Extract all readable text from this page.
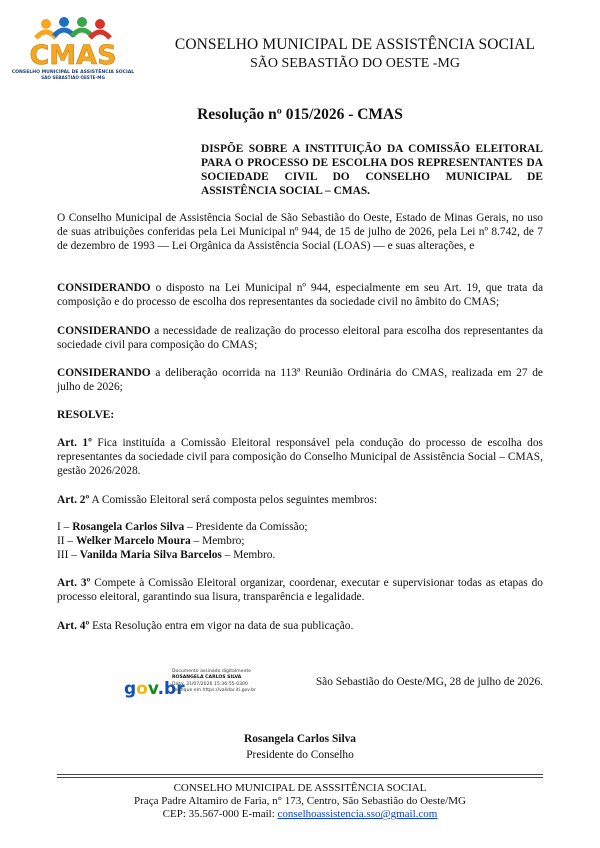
CMAS
CONSELHO MUNICIPAL DE ASSISTÊNCIA SOCIAL
SÃO SEBASTIÃO OESTE-MG
CONSELHO MUNICIPAL DE ASSISTÊNCIA SOCIAL
SÃO SEBASTIÃO DO OESTE -MG
Resolução nº 015/2026 - CMAS
DISPÕE SOBRE A INSTITUIÇÃO DA COMISSÃO ELEITORAL PARA O PROCESSO DE ESCOLHA DOS REPRESENTANTES DA SOCIEDADE CIVIL DO CONSELHO MUNICIPAL DE ASSISTÊNCIA SOCIAL – CMAS.
O Conselho Municipal de Assistência Social de São Sebastião do Oeste, Estado de Minas Gerais, no uso de suas atribuições conferidas pela Lei Municipal nº 944, de 15 de julho de 2026, pela Lei nº 8.742, de 7 de dezembro de 1993 — Lei Orgânica da Assistência Social (LOAS) — e suas alterações, e
CONSIDERANDO o disposto na Lei Municipal nº 944, especialmente em seu Art. 19, que trata da composição e do processo de escolha dos representantes da sociedade civil no âmbito do CMAS;
CONSIDERANDO a necessidade de realização do processo eleitoral para escolha dos representantes da sociedade civil para composição do CMAS;
CONSIDERANDO a deliberação ocorrida na 113ª Reunião Ordinária do CMAS, realizada em 27 de julho de 2026;
RESOLVE:
Art. 1º Fica instituída a Comissão Eleitoral responsável pela condução do processo de escolha dos representantes da sociedade civil para composição do Conselho Municipal de Assistência Social – CMAS, gestão 2026/2028.
Art. 2º A Comissão Eleitoral será composta pelos seguintes membros:
I – Rosangela Carlos Silva – Presidente da Comissão;
II – Welker Marcelo Moura – Membro;
III – Vanilda Maria Silva Barcelos – Membro.
Art. 3º Compete à Comissão Eleitoral organizar, coordenar, executar e supervisionar todas as etapas do processo eleitoral, garantindo sua lisura, transparência e legalidade.
Art. 4º Esta Resolução entra em vigor na data de sua publicação.
gov.br
Documento assinado digitalmente
ROSANGELA CARLOS SILVA
Data: 31/07/2026 15:36:55-0300
Verifique em https://validar.iti.gov.br
São Sebastião do Oeste/MG, 28 de julho de 2026.
Rosangela Carlos Silva
Presidente do Conselho
CONSELHO MUNICIPAL DE ASSSITÊNCIA SOCIAL
Praça Padre Altamiro de Faria, n° 173, Centro, São Sebastião do Oeste/MG
CEP: 35.567-000 E-mail: conselhoassistencia.sso@gmail.com
